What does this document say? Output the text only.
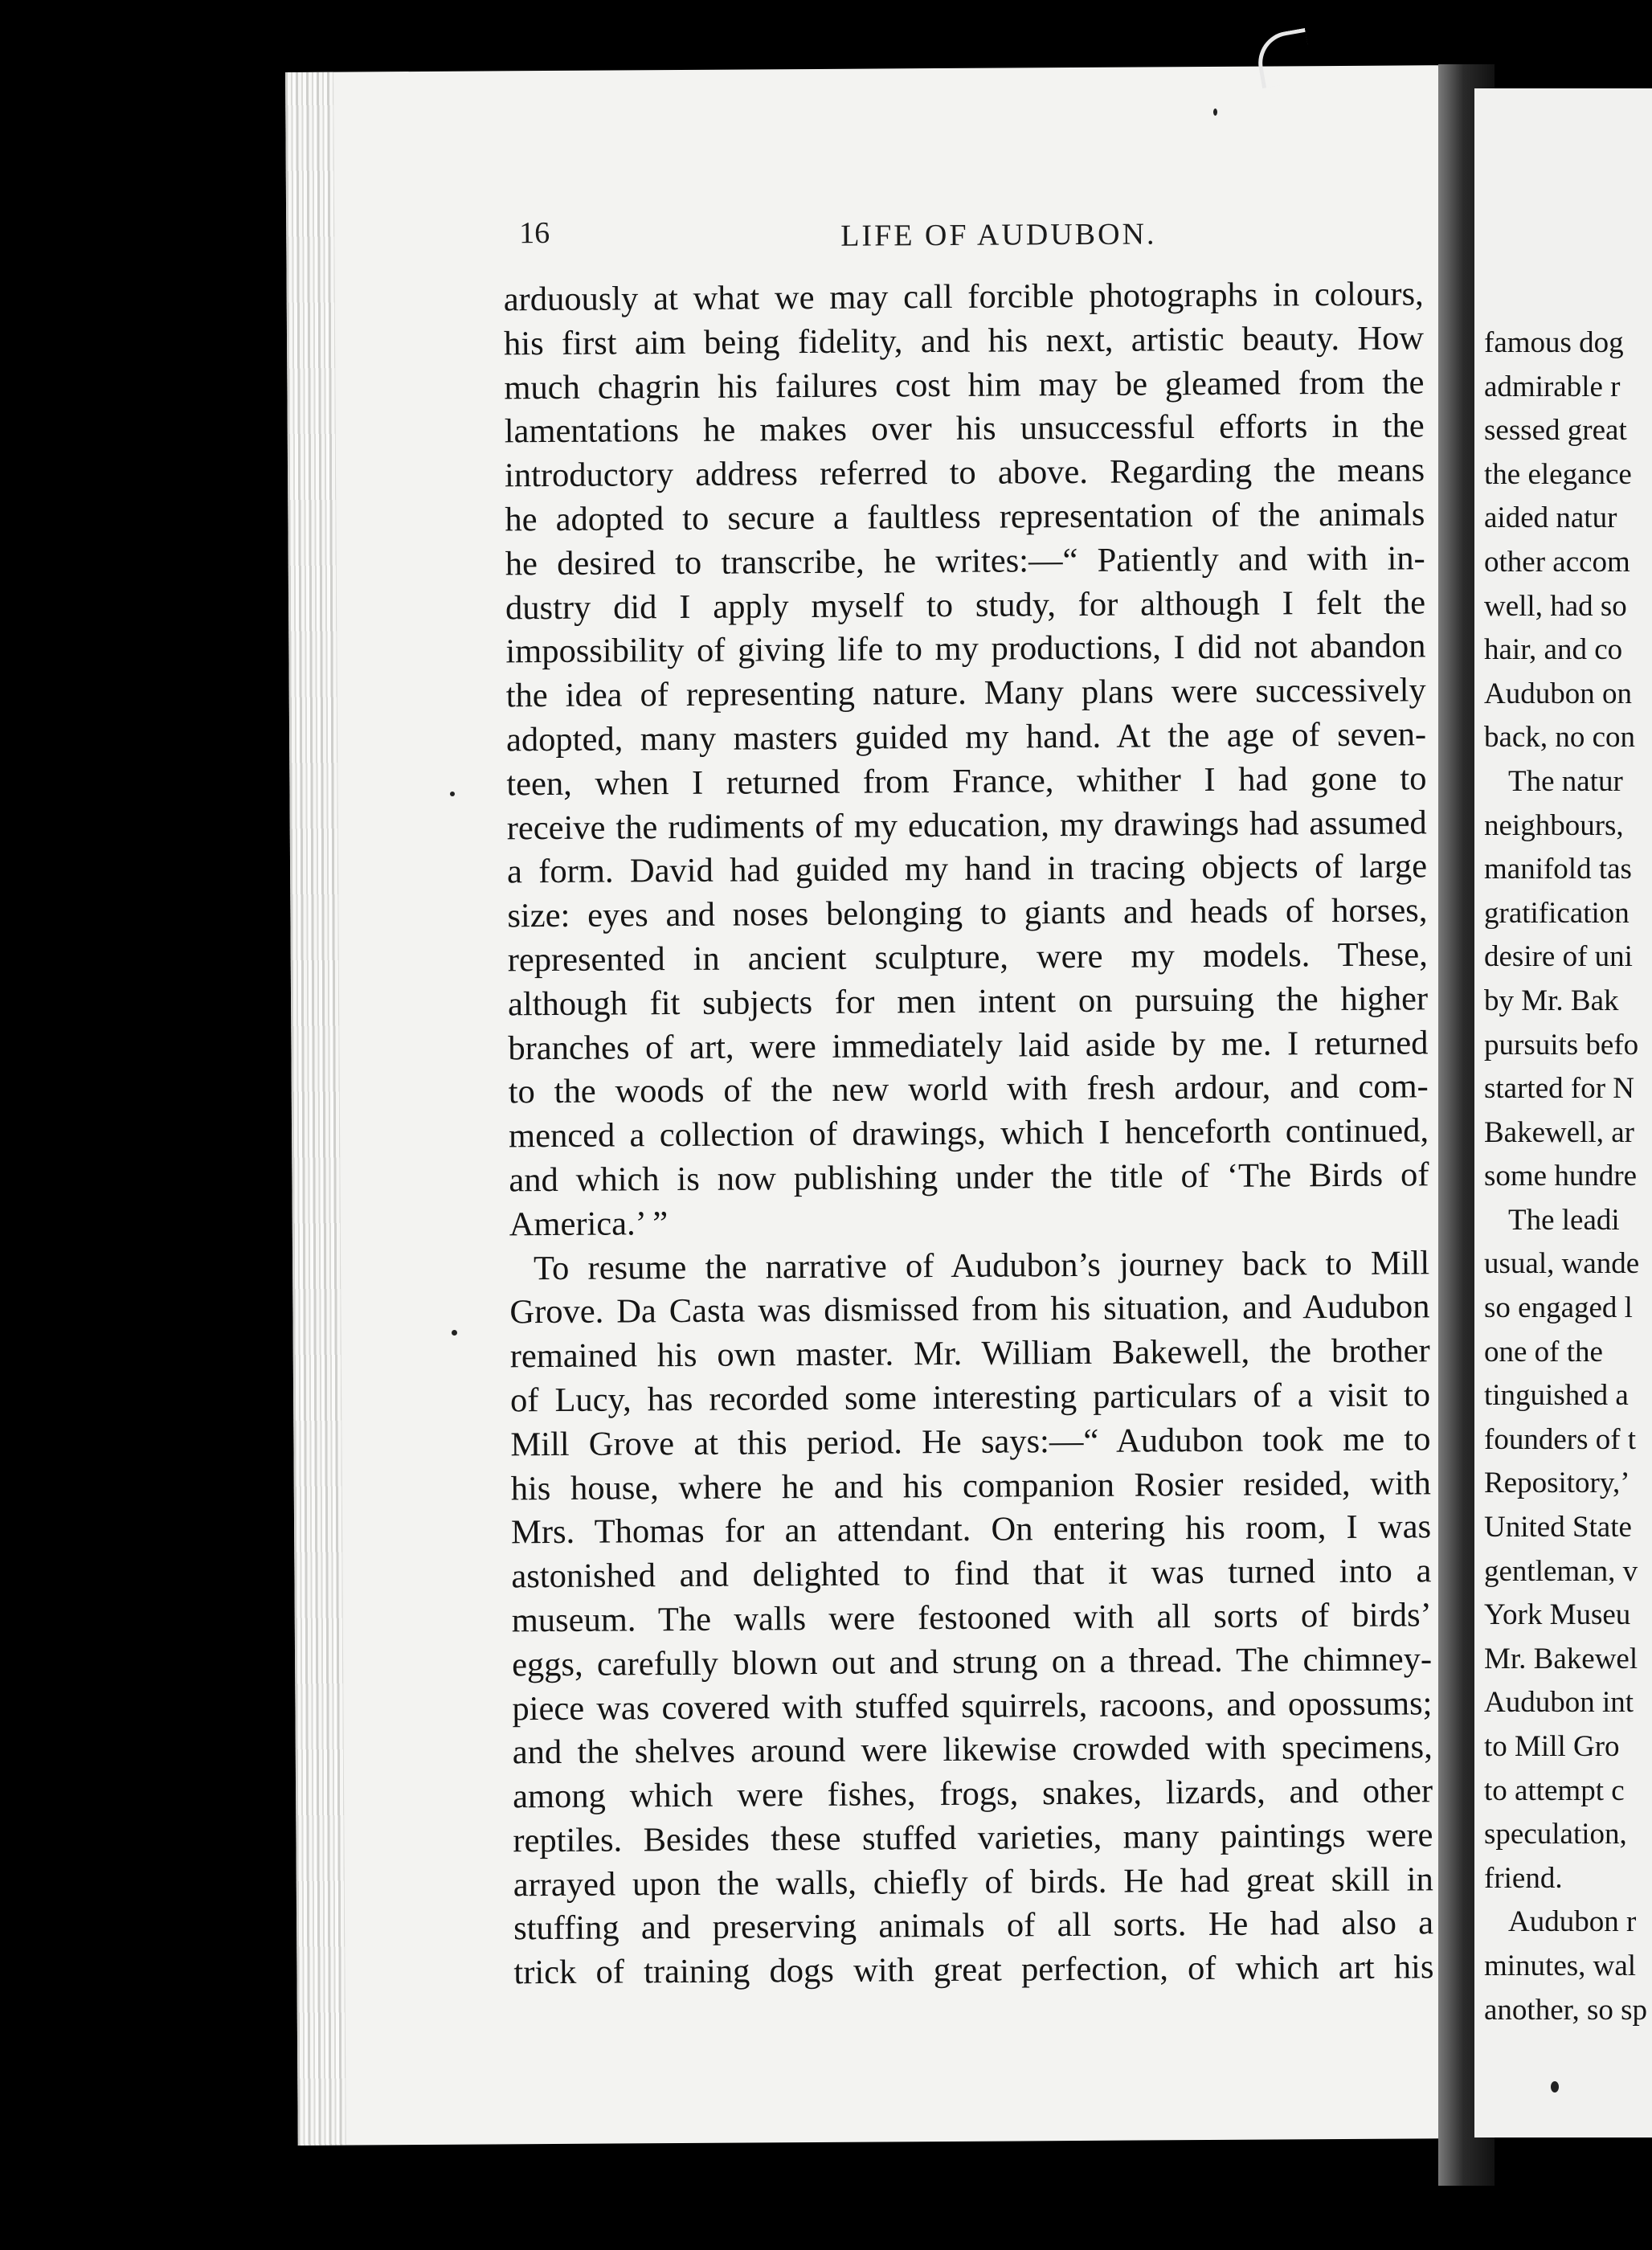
16	LIFE OF AUDUBON.
arduously at what we may call forcible photographs in colours,
his first aim being fidelity, and his next, artistic beauty. How
much chagrin his failures cost him may be gleamed from the
lamentations he makes over his unsuccessful efforts in the
introductory address referred to above. Regarding the means
he adopted to secure a faultless representation of the animals
he desired to transcribe, he writes:—“ Patiently and with in-
dustry did I apply myself to study, for although I felt the
impossibility of giving life to my productions, I did not abandon
the idea of representing nature. Many plans were successively
adopted, many masters guided my hand. At the age of seven-
teen, when I returned from France, whither I had gone to
receive the rudiments of my education, my drawings had assumed
a form. David had guided my hand in tracing objects of large
size: eyes and noses belonging to giants and heads of horses,
represented in ancient sculpture, were my models. These,
although fit subjects for men intent on pursuing the higher
branches of art, were immediately laid aside by me. I returned
to the woods of the new world with fresh ardour, and com-
menced a collection of drawings, which I henceforth continued,
and which is now publishing under the title of ‘The Birds of
America.’ ”
To resume the narrative of Audubon’s journey back to Mill
Grove. Da Casta was dismissed from his situation, and Audubon
remained his own master. Mr. William Bakewell, the brother
of Lucy, has recorded some interesting particulars of a visit to
Mill Grove at this period. He says:—“ Audubon took me to
his house, where he and his companion Rosier resided, with
Mrs. Thomas for an attendant. On entering his room, I was
astonished and delighted to find that it was turned into a
museum. The walls were festooned with all sorts of birds’
eggs, carefully blown out and strung on a thread. The chimney-
piece was covered with stuffed squirrels, racoons, and opossums;
and the shelves around were likewise crowded with specimens,
among which were fishes, frogs, snakes, lizards, and other
reptiles. Besides these stuffed varieties, many paintings were
arrayed upon the walls, chiefly of birds. He had great skill in
stuffing and preserving animals of all sorts. He had also a
trick of training dogs with great perfection, of which art his
famous dog
admirable r
sessed great
the elegance
aided natur
other accom
well, had so
hair, and co
Audubon on
back, no con
The natur
neighbours,
manifold tas
gratification
desire of uni
by Mr. Bak
pursuits befo
started for N
Bakewell, ar
some hundre
The leadi
usual, wande
so engaged l
one of the
tinguished a
founders of t
Repository,’
United State
gentleman, v
York Museu
Mr. Bakewel
Audubon int
to Mill Gro
to attempt c
speculation,
friend.
Audubon r
minutes, wal
another, so sp
